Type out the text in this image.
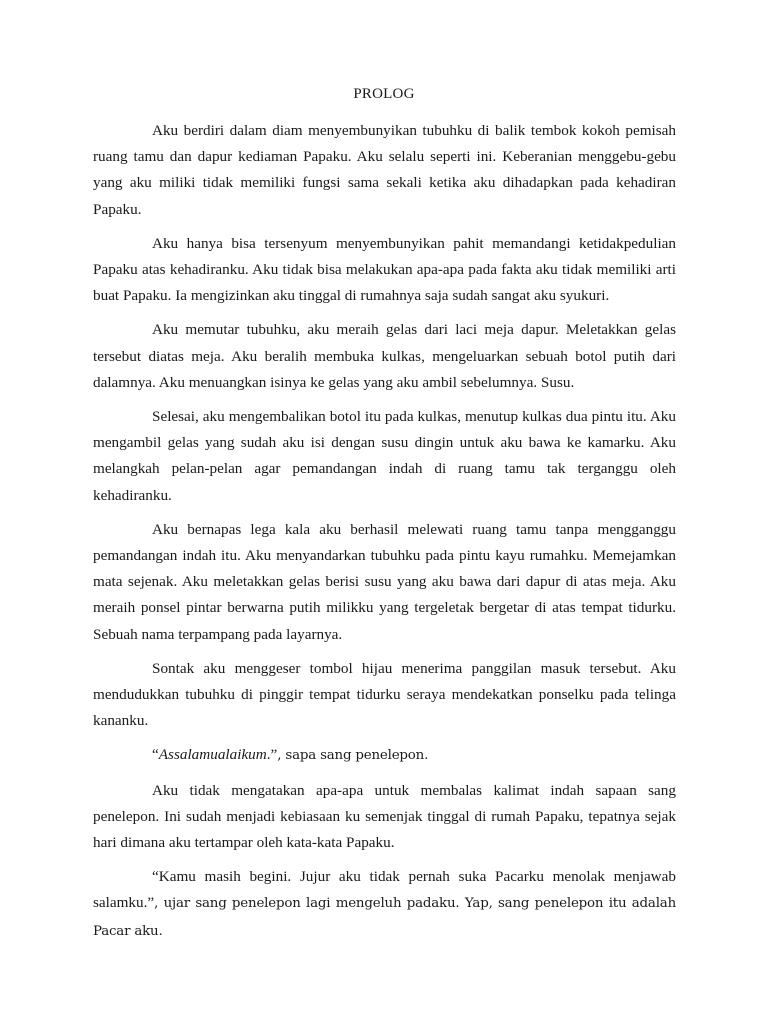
PROLOG

Aku berdiri dalam diam menyembunyikan tubuhku di balik tembok kokoh pemisah ruang tamu dan dapur kediaman Papaku. Aku selalu seperti ini. Keberanian menggebu-gebu yang aku miliki tidak memiliki fungsi sama sekali ketika aku dihadapkan pada kehadiran Papaku.

Aku hanya bisa tersenyum menyembunyikan pahit memandangi ketidakpedulian Papaku atas kehadiranku. Aku tidak bisa melakukan apa-apa pada fakta aku tidak memiliki arti buat Papaku. Ia mengizinkan aku tinggal di rumahnya saja sudah sangat aku syukuri.

Aku memutar tubuhku, aku meraih gelas dari laci meja dapur. Meletakkan gelas tersebut diatas meja. Aku beralih membuka kulkas, mengeluarkan sebuah botol putih dari dalamnya. Aku menuangkan isinya ke gelas yang aku ambil sebelumnya. Susu.

Selesai, aku mengembalikan botol itu pada kulkas, menutup kulkas dua pintu itu. Aku mengambil gelas yang sudah aku isi dengan susu dingin untuk aku bawa ke kamarku. Aku melangkah pelan-pelan agar pemandangan indah di ruang tamu tak terganggu oleh kehadiranku.

Aku bernapas lega kala aku berhasil melewati ruang tamu tanpa mengganggu pemandangan indah itu. Aku menyandarkan tubuhku pada pintu kayu rumahku. Memejamkan mata sejenak. Aku meletakkan gelas berisi susu yang aku bawa dari dapur di atas meja. Aku meraih ponsel pintar berwarna putih milikku yang tergeletak bergetar di atas tempat tidurku. Sebuah nama terpampang pada layarnya.

Sontak aku menggeser tombol hijau menerima panggilan masuk tersebut. Aku mendudukkan tubuhku di pinggir tempat tidurku seraya mendekatkan ponselku pada telinga kananku.

“Assalamualaikum.”, sapa sang penelepon.

Aku tidak mengatakan apa-apa untuk membalas kalimat indah sapaan sang penelepon. Ini sudah menjadi kebiasaan ku semenjak tinggal di rumah Papaku, tepatnya sejak hari dimana aku tertampar oleh kata-kata Papaku.

“Kamu masih begini. Jujur aku tidak pernah suka Pacarku menolak menjawab salamku.”, ujar sang penelepon lagi mengeluh padaku. Yap, sang penelepon itu adalah Pacar aku.
